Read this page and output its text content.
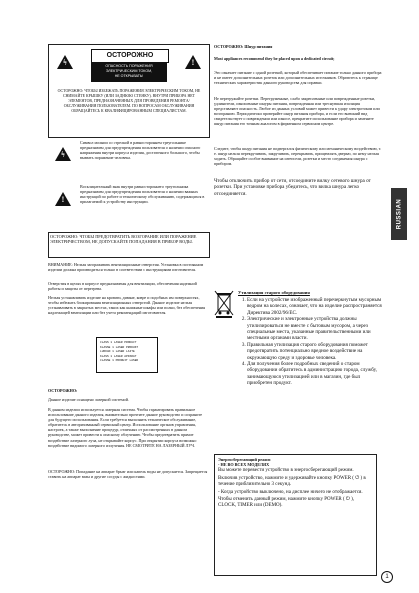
ϟ	!
ОСТОРОЖНО
ОПАСНОСТЬ ПОРАЖЕНИЯ
ЭЛЕКТРИЧЕСКИМ ТОКОМ,
НЕ ОТКРЫВАТЬ!

ОСТОРОЖНО: ЧТОБЫ ИЗБЕЖАТЬ ПОРАЖЕНИЯ ЭЛЕКТРИЧЕСКИМ ТОКОМ, НЕ СНИМАЙТЕ КРЫШКУ (ИЛИ ЗАДНЮЮ СТЕНКУ). ВНУТРИ ПРИБОРА НЕТ ЭЛЕМЕНТОВ, ПРЕДНАЗНАЧЕННЫХ ДЛЯ ПРОВЕДЕНИЯ РЕМОНТА/ОБСЛУЖИВАНИЯ ПОЛЬЗОВАТЕЛЕМ. ПО ВОПРОСАМ ОБСЛУЖИВАНИЯ ОБРАЩАЙТЕСЬ К КВАЛИФИЦИРОВАННЫМ СПЕЦИАЛИСТАМ.

ϟ

Символ молнии со стрелкой в равностороннем треугольнике предназначен для предупреждения пользователя о наличии опасного напряжения внутри корпуса изделия, достаточного большого, чтобы вызвать поражение человека.

!

Восклицательный знак внутри равностороннего треугольника предназначен для предупреждения пользователя о наличии важных инструкций по работе и техническому обслуживанию, содержащихся в прилагаемой к устройству инструкции.

ОСТОРОЖНО: ЧТОБЫ ПРЕДОТВРАТИТЬ ВОЗГОРАНИЕ ИЛИ ПОРАЖЕНИЕ ЭЛЕКТРИЧЕСТВОМ, НЕ ДОПУСКАЙТЕ ПОПАДАНИЯ В ПРИБОР ВОДЫ.

ВНИМАНИЕ: Нельзя загораживать вентиляционные отверстия. Установка в постоянном изделии должна производиться только в соответствии с инструкциями изготовителя.

Отверстия в щелях в корпусе предназначены для вентиляции, обеспечения надежной работы и защиты от перегрева.

Нельзя устанавливать изделие на кровати, диване, ковре и подобных им поверхностях, чтобы избежать блокирования вентиляционных отверстий. Данное изделие нельзя устанавливать в закрытых местах, таких как книжные шкафы или полки, без обеспечения надлежащей вентиляции или без учета рекомендаций изготовителя.

CLASS 1 LASER PRODUCT

KLASSE 1 LASER PRODUKT

LUOKAN 1 LASER LAITE

KLASS 1 LASER APPARAT

CLASSE 1 PRODUIT LASER

ОСТОРОЖНО:

Данное изделие оснащено лазерной системой.

В данном изделии используется лазерная система. Чтобы гарантировать правильное использование данного изделия, внимательно прочтите данное руководство и сохраните для будущего использования. Если требуется выполнить техническое обслуживание, обратитесь в авторизованный сервисный центр. Использование органов управления, настроек, а также выполнение процедур, отличных от рассмотренных в данном руководстве, может привести к опасному облучению. Чтобы предотвратить прямое воздействие лазерного луча, не открывайте корпус. При открытии корпуса возможно воздействие видимого лазерного излучения. НЕ СМОТРИТЕ НА ЛАЗЕРНЫЙ ЛУЧ.

ОСТОРОЖНО: Попадание на аппарат брызг или капель воды не допускается. Запрещается ставить на аппарат вазы и другие сосуды с жидкостями.

ОСТОРОЖНО: Шнур питания

Most appliances recommend they be placed upon a dedicated circuit;

Это означает питание с одной розеткой, который обеспечивает питание только данного прибора и не имеет дополнительных розеток или дополнительных источников. Обратитесь к странице технических характеристик данного руководства для справки.

Не перегружайте розетки. Перегруженные, слабо закрепленные или поврежденные розетки, удлинители, изношенные шнуры питания, поврежденная или треснувшая изоляция представляют опасность. Любое из данных условий может привести к удару электротоком или возгоранию. Периодически проверяйте шнур питания прибора, и если его внешний вид свидетельствует о повреждении или износе, прекратите использование прибора и замените шнур питания его точным аналогом в фирменном сервисном центре.

Следите, чтобы шнур питания не подвергался физическому или механическому воздействию, т. е. шнур нельзя перекручивать, закручивать, перекрывать, прищемлять дверью, по нему нельзя ходить. Обращайте особое внимание на штепсели, розетки и место соединения шнура с прибором.

Чтобы отключить прибор от сети, отсоедините вилку сетевого шнура от розетки. При установке прибора убедитесь, что вилка шнура легко отсоединяется.

Утилизация старого оборудования

1. Если на устройстве изображенный перечеркнутым мусорным ведром на колесах, означает, что на изделие распространяется Директива 2002/96/EC.
2. Электрические и электронные устройства должны утилизироваться не вместе с бытовым мусором, а через специальные места, указанные правительственными или местными органами власти.
3. Правильная утилизация старого оборудования поможет предотвратить потенциально вредное воздействие на окружающую среду и здоровье человека.
4. Для получения более подробных сведений о старом оборудовании обратитесь в администрацию города, службу, занимающуюся утилизацией или в магазин, где был приобретен продукт.

Энергосберегающий режим

- НЕ ВО ВСЕХ МОДЕЛЯХ

Вы можете перевести устройство в энергосберегающий режим.

Включив устройство, нажмите и удерживайте кнопку POWER ( ⏻ ) в течение приблизительно 3 секунд.

- Когда устройство выключено, на дисплее ничего не отображается.

Чтобы отменить данный режим, нажмите кнопку POWER ( ⏻ ), CLOCK, TIMER или (DEMO).

RUSSIAN
1
